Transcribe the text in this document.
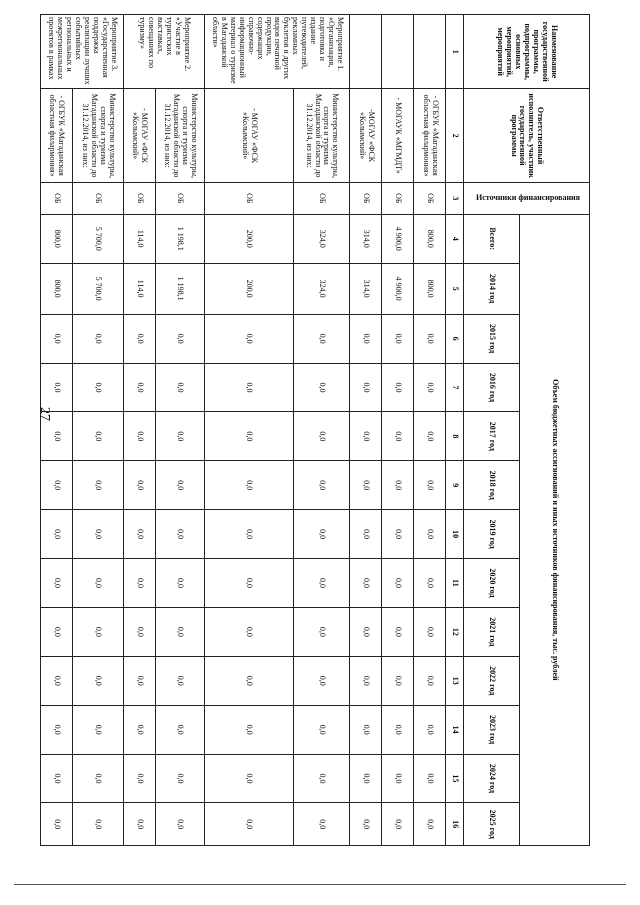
27
Наименование государственной программы, подпрограммы, основных мероприятий, мероприятий	Ответственный исполнитель, участник государственной программы	Источники финансирования	Объем бюджетных ассигнований и иных источников финансирования, тыс. рублей												
			Всего:	2014 год	2015 год	2016 год	2017 год	2018 год	2019 год	2020 год	2021 год	2022 год	2023 год	2024 год	2025 год
1	2	3	4	5	6	7	8	9	10	11	12	13	14	15	16
	- ОГБУК «Магаданская областная филармония»	ОБ	800,0	800,0	0,0	0,0	0,0	0,0	0,0	0,0	0,0	0,0	0,0	0,0	0,0
	- МОГАУК «МГМДТ»	ОБ	4 900,0	4 900,0	0,0	0,0	0,0	0,0	0,0	0,0	0,0	0,0	0,0	0,0	0,0
	-МОГАУ «ФСК «Колымский»	ОБ	314,0	314,0	0,0	0,0	0,0	0,0	0,0	0,0	0,0	0,0	0,0	0,0	0,0
Мероприятие 1. «Организация, подготовка и издание путеводителей, рекламных буклетов и других видов печатной продукции, содержащих справочно-информационный материал о туризме в Магаданской области»	Министерство культуры, спорта и туризма Магаданской области до 31.12.2014, из них:	ОБ	324,0	324,0	0,0	0,0	0,0	0,0	0,0	0,0	0,0	0,0	0,0	0,0	0,0
	- МОГАУ «ФСК «Колымский»	ОБ	200,0	200,0	0,0	0,0	0,0	0,0	0,0	0,0	0,0	0,0	0,0	0,0	0,0
Мероприятие 2. «Участие в туристских выставках, совещаниях по туризму»	Министерство культуры, спорта и туризма Магаданской области до 31.12.2014, из них:	ОБ	1 198,1	1 198,1	0,0	0,0	0,0	0,0	0,0	0,0	0,0	0,0	0,0	0,0	0,0
	- МОГАУ «ФСК «Колымский»	ОБ	114,0	114,0	0,0	0,0	0,0	0,0	0,0	0,0	0,0	0,0	0,0	0,0	0,0
Мероприятие 3. «Государственная поддержка реализации лучших событийных региональных и межрегиональных проектов в рамках	Министерство культуры, спорта и туризма Магаданской области до 31.12.2014, из них:	ОБ	5 700,0	5 700,0	0,0	0,0	0,0	0,0	0,0	0,0	0,0	0,0	0,0	0,0	0,0
	- ОГБУК «Магаданская областная филармония»	ОБ	800,0	800,0	0,0	0,0	0,0	0,0	0,0	0,0	0,0	0,0	0,0	0,0	0,0
